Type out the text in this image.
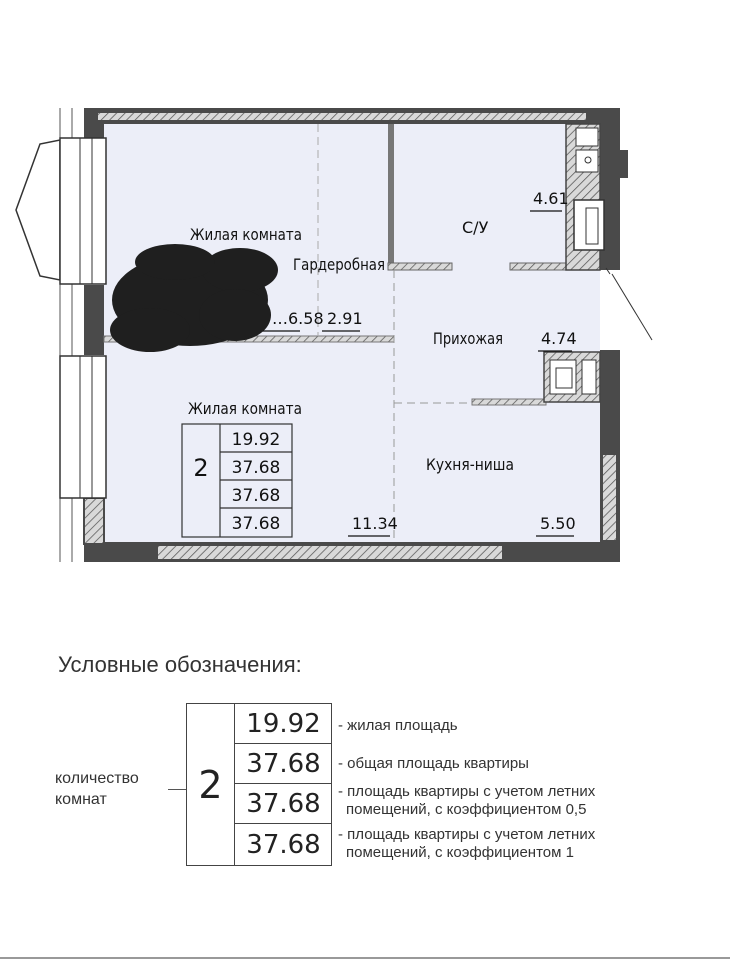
Жилая комната
Гардеробная
С/У
Прихожая
Жилая комната
Кухня-ниша
…6.58 2.91
4.61
4.74
11.34	5.50
2
19.92
37.68
37.68
37.68
Условные обозначения:
2
19.92
37.68
37.68
37.68
- жилая площадь
- общая площадь квартиры
- площадь квартиры с учетом летних
помещений, с коэффициентом 0,5
- площадь квартиры с учетом летних
помещений, с коэффициентом 1
количество
комнат
